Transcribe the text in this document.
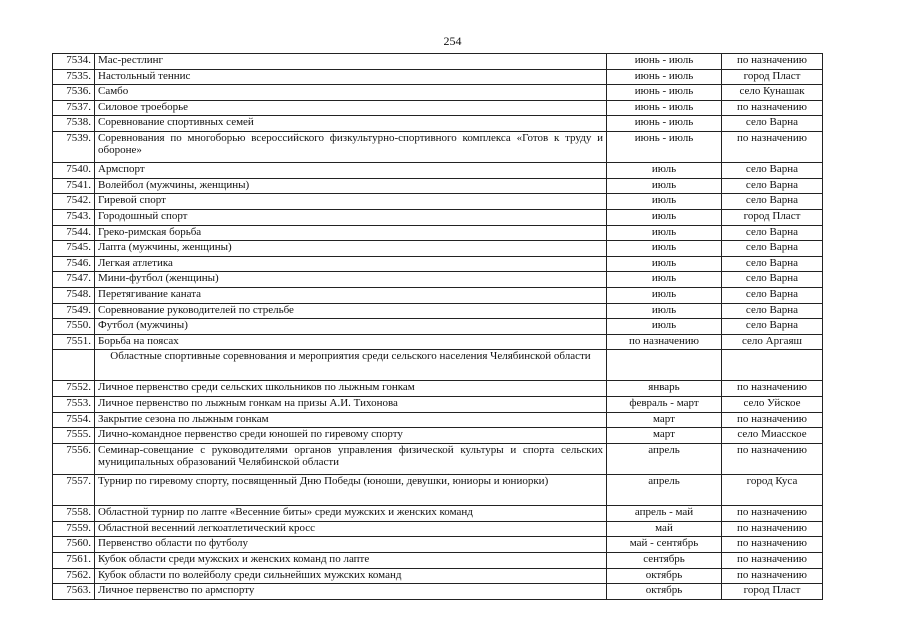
254
7534.	Мас-рестлинг	июнь - июль	по назначению
7535.	Настольный теннис	июнь - июль	город Пласт
7536.	Самбо	июнь - июль	село Кунашак
7537.	Силовое троеборье	июнь - июль	по назначению
7538.	Соревнование спортивных семей	июнь - июль	село Варна
7539.	Соревнования по многоборью всероссийского физкультурно-спортивного комплекса «Готов к труду и обороне»	июнь - июль	по назначению
7540.	Армспорт	июль	село Варна
7541.	Волейбол (мужчины, женщины)	июль	село Варна
7542.	Гиревой спорт	июль	село Варна
7543.	Городошный спорт	июль	город Пласт
7544.	Греко-римская борьба	июль	село Варна
7545.	Лапта (мужчины, женщины)	июль	село Варна
7546.	Легкая атлетика	июль	село Варна
7547.	Мини-футбол (женщины)	июль	село Варна
7548.	Перетягивание каната	июль	село Варна
7549.	Соревнование руководителей по стрельбе	июль	село Варна
7550.	Футбол (мужчины)	июль	село Варна
7551.	Борьба на поясах	по назначению	село Аргаяш
	Областные спортивные соревнования и мероприятия среди сельского населения Челябинской области		
7552.	Личное первенство среди сельских школьников по лыжным гонкам	январь	по назначению
7553.	Личное первенство по лыжным гонкам на призы А.И. Тихонова	февраль - март	село Уйское
7554.	Закрытие сезона по лыжным гонкам	март	по назначению
7555.	Лично-командное первенство среди юношей по гиревому спорту	март	село Миасское
7556.	Семинар-совещание с руководителями органов управления физической культуры и спорта сельских муниципальных образований Челябинской области	апрель	по назначению
7557.	Турнир по гиревому спорту, посвященный Дню Победы (юноши, девушки, юниоры и юниорки)	апрель	город Куса
7558.	Областной турнир по лапте «Весенние биты» среди мужских и женских команд	апрель - май	по назначению
7559.	Областной весенний легкоатлетический кросс	май	по назначению
7560.	Первенство области по футболу	май - сентябрь	по назначению
7561.	Кубок области среди мужских и женских команд по лапте	сентябрь	по назначению
7562.	Кубок области по волейболу среди сильнейших мужских команд	октябрь	по назначению
7563.	Личное первенство по армспорту	октябрь	город Пласт
